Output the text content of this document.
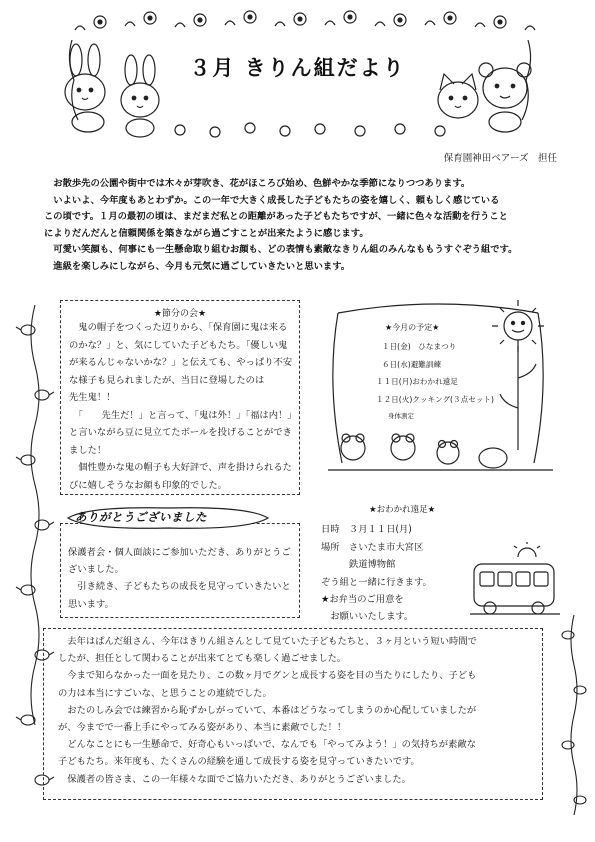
３月 きりん組だより
保育園神田ベアーズ　担任

　お散歩先の公園や街中では木々が芽吹き、花がほころび始め、色鮮やかな季節になりつつあります。

　いよいよ、今年度もあとわずか。この一年で大きく成長した子どもたちの姿を嬉しく、頼もしく感じている

この頃です。１月の最初の頃は、まだまだ私との距離があった子どもたちですが、一緒に色々な活動を行うこと

によりだんだんと信頼関係を築きながら過ごすことが出来たように感じます。

　可愛い笑顔も、何事にも一生懸命取り組むお顔も、どの表情も素敵なきりん組のみんなももうすぐぞう組です。

　進級を楽しみにしながら、今月も元気に過ごしていきたいと思います。

★節分の会★

　鬼の帽子をつくった辺りから、「保育園に鬼は来るのかな？」と、気にしていた子どもたち。「優しい鬼が来るんじゃないかな？」と伝えても、やっぱり不安な様子も見られましたが、当日に登場したのは　　　先生鬼！！

　「　　先生だ！」と言って、「鬼は外！」「福は内！」と言いながら豆に見立てたボールを投げることができました！

　個性豊かな鬼の帽子も大好評で、声を掛けられるたびに嬉しそうなお顔も印象的でした。

★今月の予定★
１日(金)　ひなまつり
６日(水)避難訓練
１１日(月)おわかれ遠足
１２日(火)クッキング(３点セット)
身体測定
ありがとうございました

保護者会・個人面談にご参加いただき、ありがとうございました。

　引き続き、子どもたちの成長を見守っていきたいと思います。

★おわかれ遠足★
日時　３月１１日(月)
場所　さいたま市大宮区
　　　鉄道博物館
ぞう組と一緒に行きます。
★お弁当のご用意を
　お願いいたします。

　去年はぱんだ組さん、今年はきりん組さんとして見ていた子どもたちと、３ヶ月という短い時間で

したが、担任として関わることが出来てとても楽しく過ごせました。

　今まで知らなかった一面を見たり、この数ヶ月でグンと成長する姿を目の当たりにしたり、子ども

の力は本当にすごいな、と思うことの連続でした。

　おたのしみ会では練習から恥ずかしがっていて、本番はどうなってしまうのか心配していましたが

が、今までで一番上手にやってみる姿があり、本当に素敵でした！！

　どんなことにも一生懸命で、好奇心もいっぱいで、なんでも「やってみよう！」の気持ちが素敵な

子どもたち。来年度も、たくさんの経験を通して成長する姿を見守っていきたいです。

　保護者の皆さま、この一年様々な面でご協力いただき、ありがとうございました。
